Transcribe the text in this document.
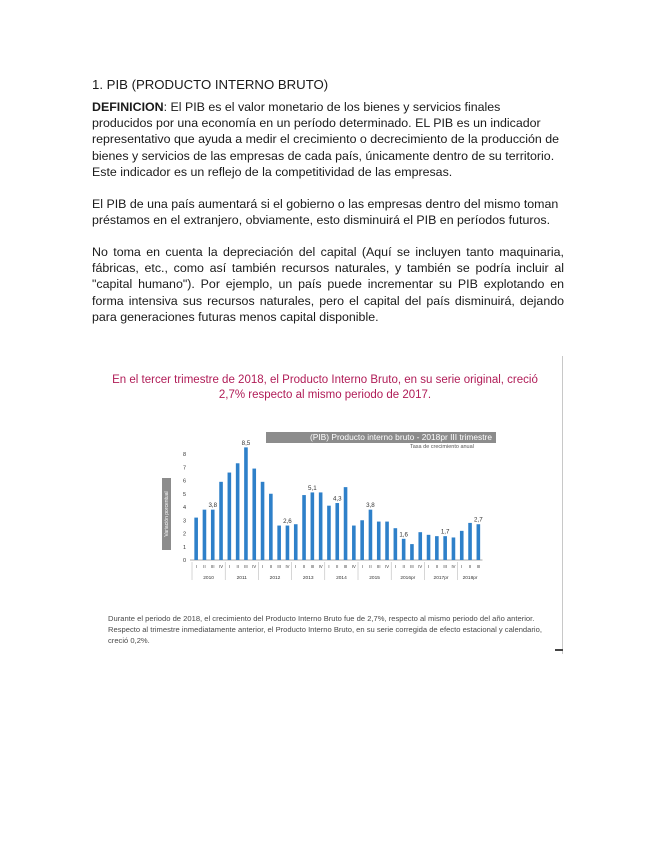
1. PIB (PRODUCTO INTERNO BRUTO)
DEFINICION: El PIB es el valor monetario de los bienes y servicios finales producidos por una economía en un período determinado. EL PIB es un indicador representativo que ayuda a medir el crecimiento o decrecimiento de la producción de bienes y servicios de las empresas de cada país, únicamente dentro de su territorio. Este indicador es un reflejo de la competitividad de las empresas.
El PIB de una país aumentará si el gobierno o las empresas dentro del mismo toman préstamos en el extranjero, obviamente, esto disminuirá el PIB en períodos futuros.
No toma en cuenta la depreciación del capital (Aquí se incluyen tanto maquinaria,
fábricas, etc., como así también recursos naturales, y también se podría incluir al
"capital humano"). Por ejemplo, un país puede incrementar su PIB explotando en
forma intensiva sus recursos naturales, pero el capital del país disminuirá, dejando
para generaciones futuras menos capital disponible.
En el tercer trimestre de 2018, el Producto Interno Bruto, en su serie original, creció 2,7% respecto al mismo periodo de 2017.
(PIB) Producto interno bruto - 2018pr III trimestre
Tasa de crecimiento anual
Variación porcentual
0
1
2
3
4
5
6
7
8
I II III IV I II III IV I II III IV I II III IV I II III IV I II III IV I II III IV I II III IV I II III
2010	2011	2012	2013	2014	2015	2016pr	2017pr	2018pr
3,8
8,5
2,6
5,1
4,3
3,8
1,6	1,7
2,7
Durante el periodo de 2018, el crecimiento del Producto Interno Bruto fue de 2,7%, respecto al mismo periodo del año anterior. Respecto al trimestre inmediatamente anterior, el Producto Interno Bruto, en su serie corregida de efecto estacional y calendario, creció 0,2%.
